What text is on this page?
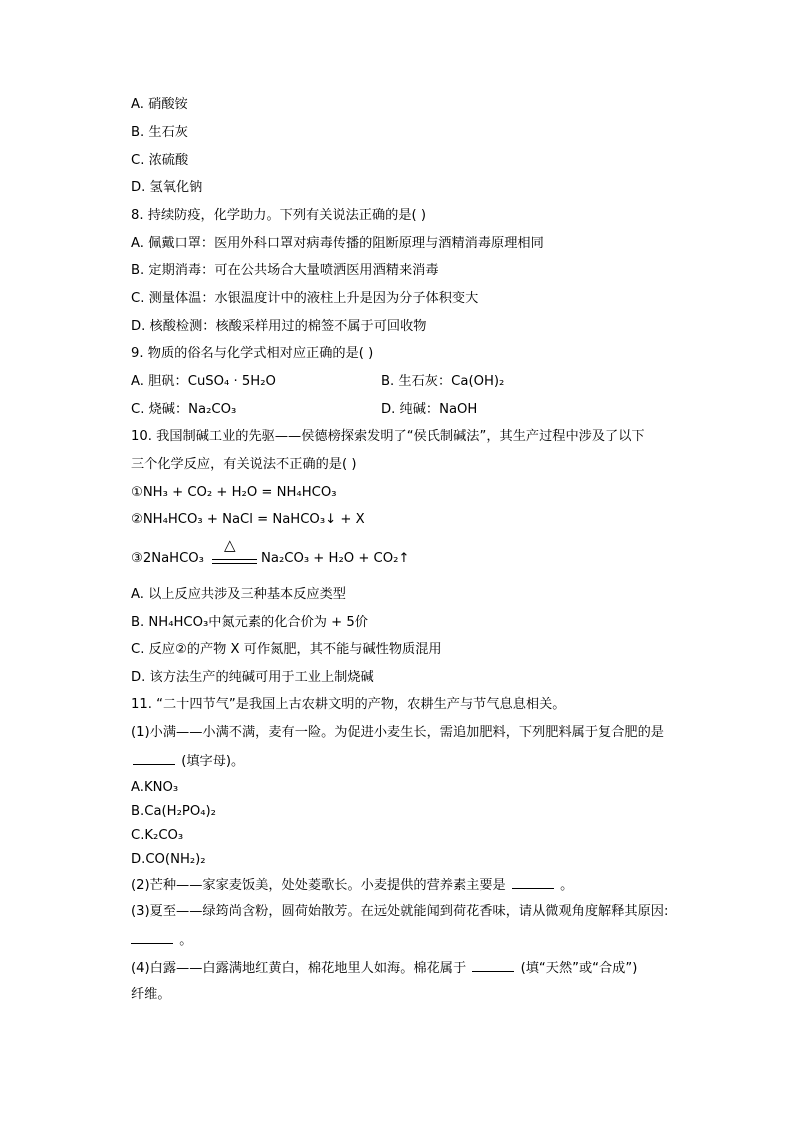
A. 硝酸铵
B. 生石灰
C. 浓硫酸
D. 氢氧化钠
8. 持续防疫，化学助力。下列有关说法正确的是( )
A. 佩戴口罩：医用外科口罩对病毒传播的阻断原理与酒精消毒原理相同
B. 定期消毒：可在公共场合大量喷洒医用酒精来消毒
C. 测量体温：水银温度计中的液柱上升是因为分子体积变大
D. 核酸检测：核酸采样用过的棉签不属于可回收物
9. 物质的俗名与化学式相对应正确的是( )
A. 胆矾：CuSO₄ · 5H₂O	B. 生石灰：Ca(OH)₂
C. 烧碱：Na₂CO₃	D. 纯碱：NaOH
10. 我国制碱工业的先驱——侯德榜探索发明了“侯氏制碱法”，其生产过程中涉及了以下
三个化学反应，有关说法不正确的是( )
①NH₃ + CO₂ + H₂O = NH₄HCO₃
②NH₄HCO₃ + NaCl = NaHCO₃↓ + X
③2NaHCO₃
△
Na₂CO₃ + H₂O + CO₂↑
A. 以上反应共涉及三种基本反应类型
B. NH₄HCO₃中氮元素的化合价为 + 5价
C. 反应②的产物 X 可作氮肥，其不能与碱性物质混用
D. 该方法生产的纯碱可用于工业上制烧碱
11. “二十四节气”是我国上古农耕文明的产物，农耕生产与节气息息相关。
(1)小满——小满不满，麦有一险。为促进小麦生长，需追加肥料，下列肥料属于复合肥的是
(填字母)。
A.KNO₃
B.Ca(H₂PO₄)₂
C.K₂CO₃
D.CO(NH₂)₂
(2)芒种——家家麦饭美，处处菱歌长。小麦提供的营养素主要是	。
(3)夏至——绿筠尚含粉，圆荷始散芳。在远处就能闻到荷花香味，请从微观角度解释其原因:
。
(4)白露——白露满地红黄白，棉花地里人如海。棉花属于	(填“天然”或“合成”)
纤维。
